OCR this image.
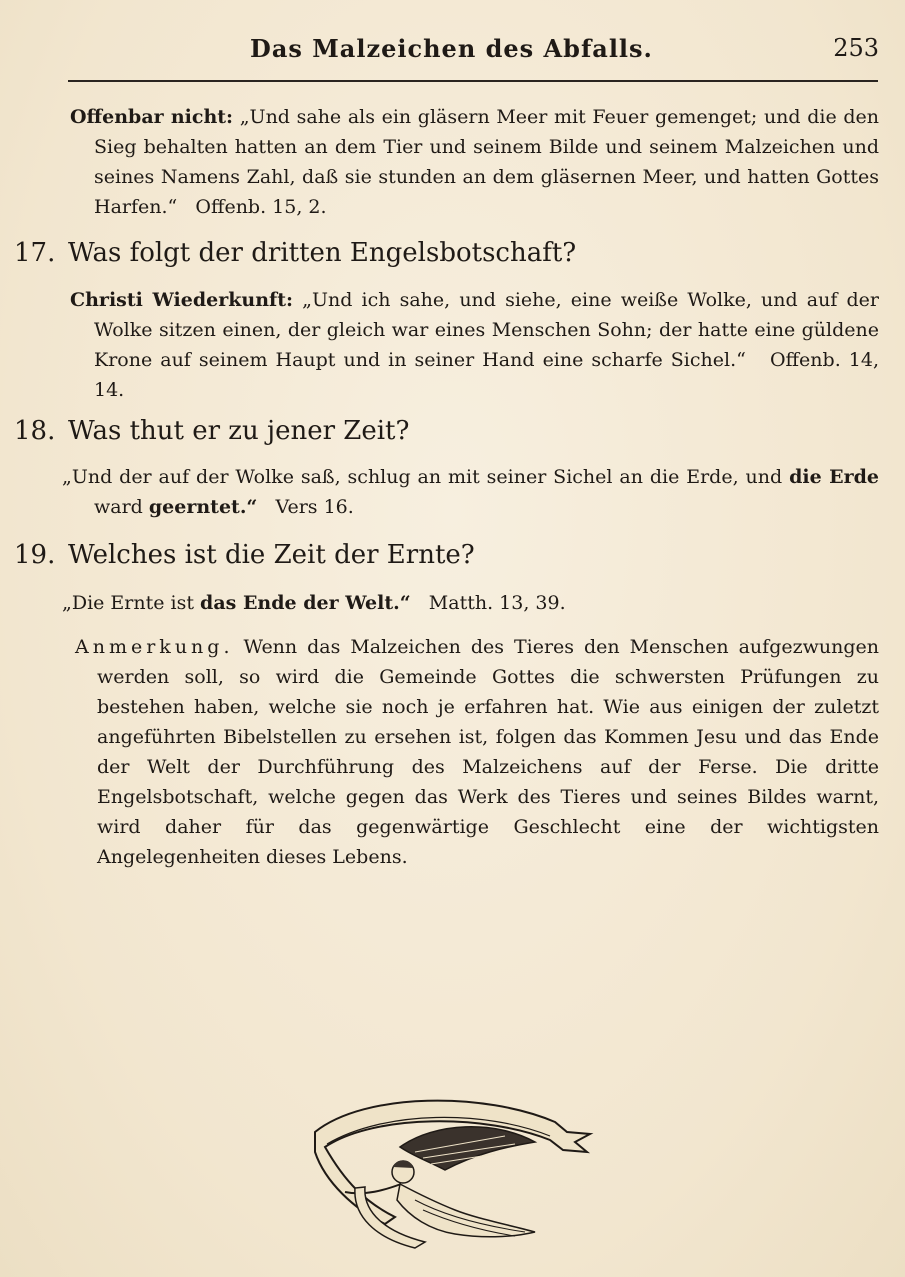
Das Malzeichen des Abfalls.	253
Offenbar nicht: „Und sahe als ein gläsern Meer mit Feuer gemenget; und die den Sieg behalten hatten an dem Tier und seinem Bilde und seinem Malzeichen und seines Namens Zahl, daß sie stunden an dem gläsernen Meer, und hatten Gottes Harfen.“ Offenb. 15, 2.
17. Was folgt der dritten Engelsbotschaft?
Christi Wiederkunft: „Und ich sahe, und siehe, eine weiße Wolke, und auf der Wolke sitzen einen, der gleich war eines Menschen Sohn; der hatte eine güldene Krone auf seinem Haupt und in seiner Hand eine scharfe Sichel.“ Offenb. 14, 14.
18. Was thut er zu jener Zeit?
„Und der auf der Wolke saß, schlug an mit seiner Sichel an die Erde, und die Erde ward geerntet.“ Vers 16.
19. Welches ist die Zeit der Ernte?
„Die Ernte ist das Ende der Welt.“ Matth. 13, 39.
Anmerkung. Wenn das Malzeichen des Tieres den Menschen aufgezwungen werden soll, so wird die Gemeinde Gottes die schwersten Prüfungen zu bestehen haben, welche sie noch je erfahren hat. Wie aus einigen der zuletzt angeführten Bibelstellen zu ersehen ist, folgen das Kommen Jesu und das Ende der Welt der Durchführung des Malzeichens auf der Ferse. Die dritte Engelsbotschaft, welche gegen das Werk des Tieres und seines Bildes warnt, wird daher für das gegenwärtige Geschlecht eine der wichtigsten Angelegenheiten dieses Lebens.
